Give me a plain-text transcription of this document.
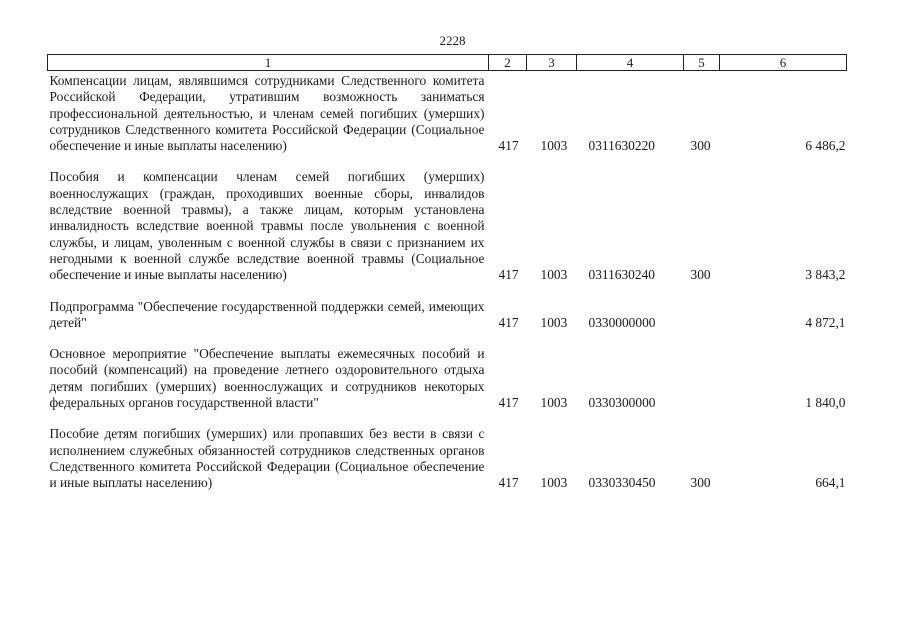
2228
1	2	3	4	5	6
Компенсации лицам, являвшимся сотрудниками Следственного комитета Российской Федерации, утратившим возможность заниматься профессиональной деятельностью, и членам семей погибших (умерших) сотрудников Следственного комитета Российской Федерации (Социальное обеспечение и иные выплаты населению)	417	1003	0311630220	300	6 486,2
Пособия и компенсации членам семей погибших (умерших) военнослужащих (граждан, проходивших военные сборы, инвалидов вследствие военной травмы), а также лицам, которым установлена инвалидность вследствие военной травмы после увольнения с военной службы, и лицам, уволенным с военной службы в связи с признанием их негодными к военной службе вследствие военной травмы (Социальное обеспечение и иные выплаты населению)	417	1003	0311630240	300	3 843,2
Подпрограмма "Обеспечение государственной поддержки семей, имеющих детей"	417	1003	0330000000		4 872,1
Основное мероприятие "Обеспечение выплаты ежемесячных пособий и пособий (компенсаций) на проведение летнего оздоровительного отдыха детям погибших (умерших) военнослужащих и сотрудников некоторых федеральных органов государственной власти"	417	1003	0330300000		1 840,0
Пособие детям погибших (умерших) или пропавших без вести в связи с исполнением служебных обязанностей сотрудников следственных органов Следственного комитета Российской Федерации (Социальное обеспечение и иные выплаты населению)	417	1003	0330330450	300	664,1
